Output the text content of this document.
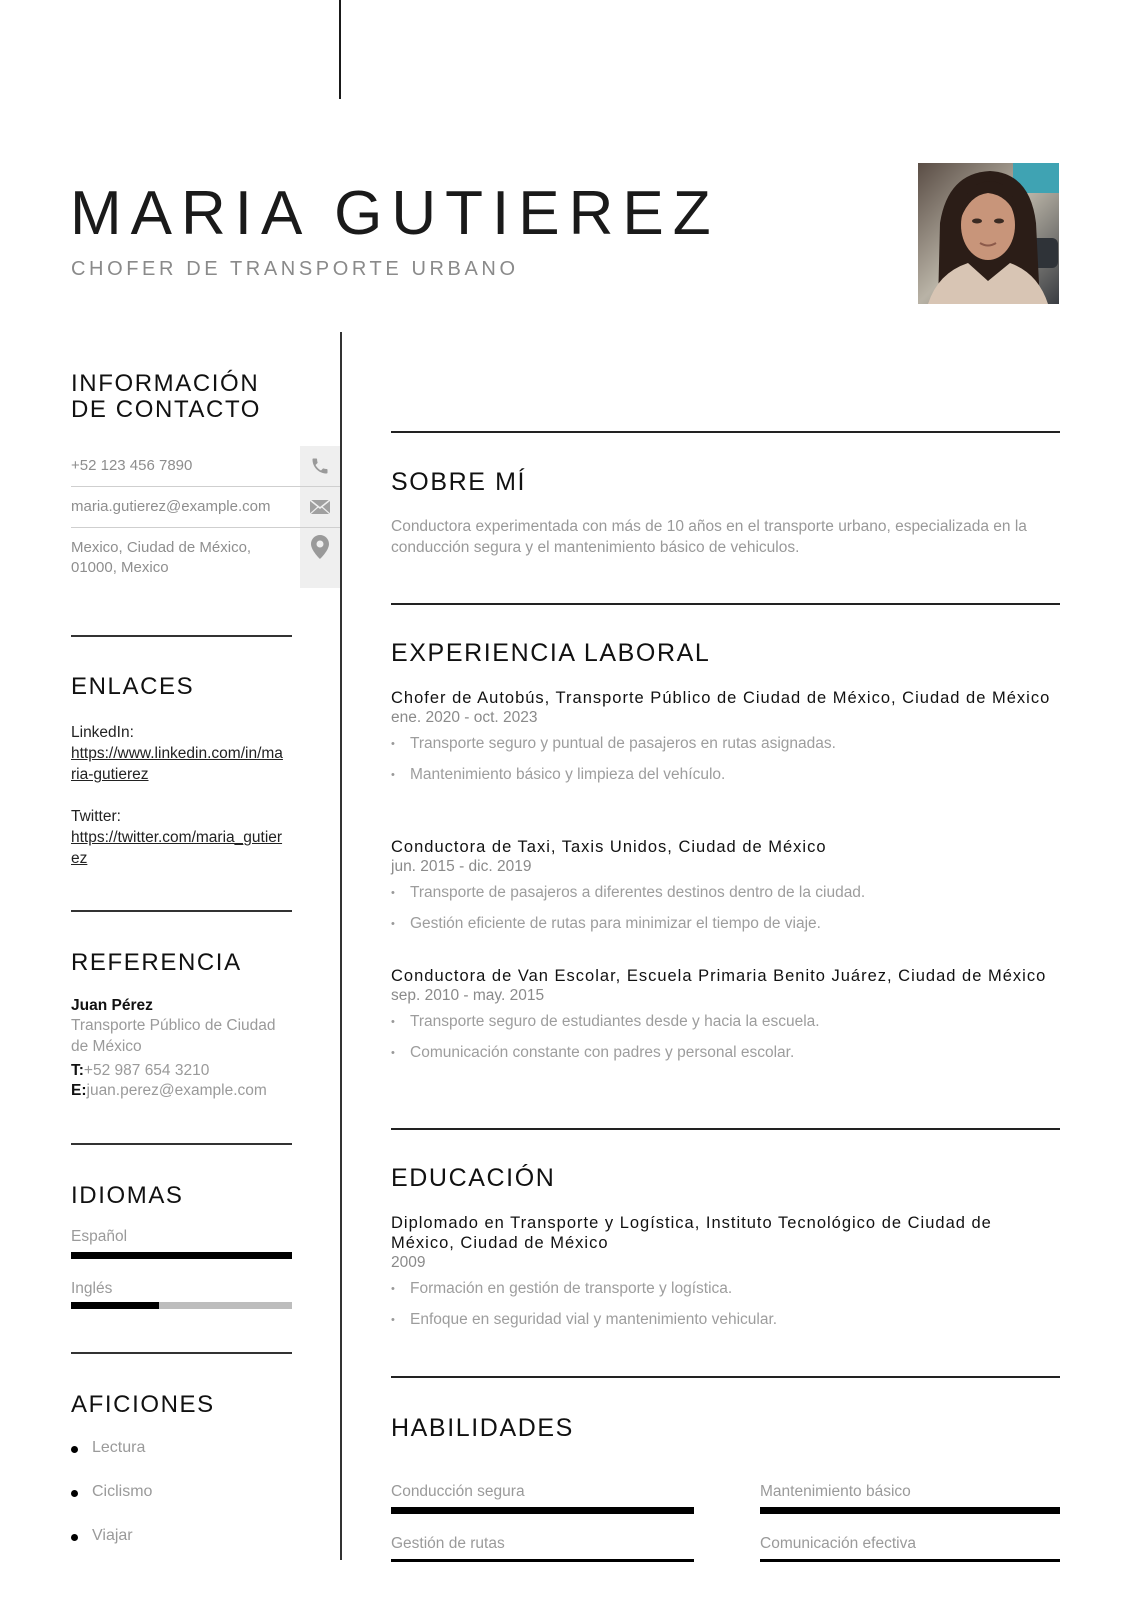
MARIA GUTIEREZ
CHOFER DE TRANSPORTE URBANO
INFORMACIÓN
DE CONTACTO
+52 123 456 7890
maria.gutierez@example.com
Mexico, Ciudad de México,
01000, Mexico
ENLACES
LinkedIn:
https://www.linkedin.com/in/maria-gutierez
Twitter:
https://twitter.com/maria_gutierez
REFERENCIA
Juan Pérez
Transporte Público de Ciudad de México
T:+52 987 654 3210
E:juan.perez@example.com
IDIOMAS
Español
Inglés
AFICIONES
Lectura
Ciclismo
Viajar
SOBRE MÍ
Conductora experimentada con más de 10 años en el transporte urbano, especializada en la conducción segura y el mantenimiento básico de vehiculos.
EXPERIENCIA LABORAL
Chofer de Autobús, Transporte Público de Ciudad de México, Ciudad de México
ene. 2020 - oct. 2023
• Transporte seguro y puntual de pasajeros en rutas asignadas.
• Mantenimiento básico y limpieza del vehículo.
Conductora de Taxi, Taxis Unidos, Ciudad de México
jun. 2015 - dic. 2019
• Transporte de pasajeros a diferentes destinos dentro de la ciudad.
• Gestión eficiente de rutas para minimizar el tiempo de viaje.
Conductora de Van Escolar, Escuela Primaria Benito Juárez, Ciudad de México
sep. 2010 - may. 2015
• Transporte seguro de estudiantes desde y hacia la escuela.
• Comunicación constante con padres y personal escolar.
EDUCACIÓN
Diplomado en Transporte y Logística, Instituto Tecnológico de Ciudad de México, Ciudad de México
2009
• Formación en gestión de transporte y logística.
• Enfoque en seguridad vial y mantenimiento vehicular.
HABILIDADES
Conducción segura	Mantenimiento básico
Gestión de rutas	Comunicación efectiva
